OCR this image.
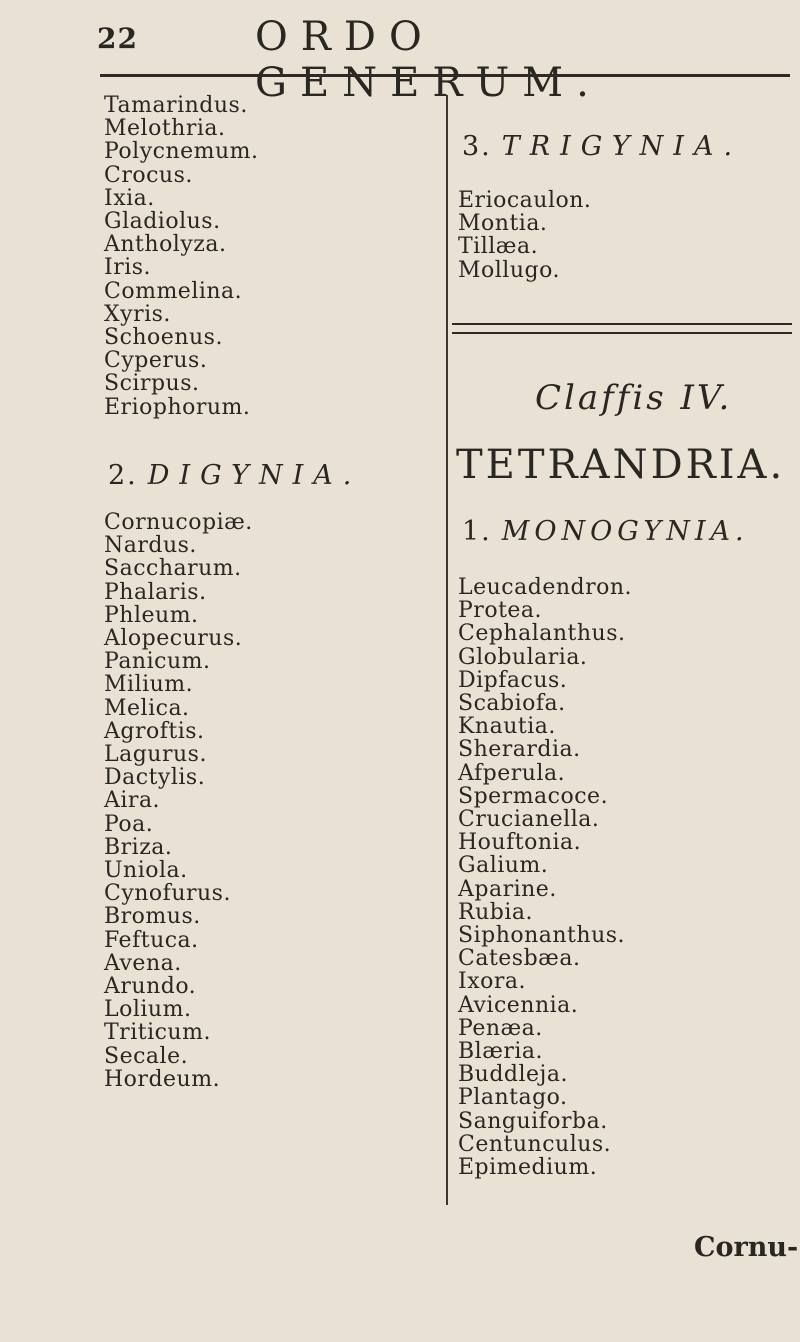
22	ORDO GENERUM.
Tamarindus.
Melothria.
Polycnemum.
Crocus.
Ixia.
Gladiolus.
Antholyza.
Iris.
Commelina.
Xyris.
Schoenus.
Cyperus.
Scirpus.
Eriophorum.
2. DIGYNIA.
Cornucopiæ.
Nardus.
Saccharum.
Phalaris.
Phleum.
Alopecurus.
Panicum.
Milium.
Melica.
Agroftis.
Lagurus.
Dactylis.
Aira.
Poa.
Briza.
Uniola.
Cynofurus.
Bromus.
Feftuca.
Avena.
Arundo.
Lolium.
Triticum.
Secale.
Hordeum.
3. TRIGYNIA.
Eriocaulon.
Montia.
Tillæa.
Mollugo.
Claffis IV.
TETRANDRIA.
1. MONOGYNIA.
Leucadendron.
Protea.
Cephalanthus.
Globularia.
Dipfacus.
Scabiofa.
Knautia.
Sherardia.
Afperula.
Spermacoce.
Crucianella.
Houftonia.
Galium.
Aparine.
Rubia.
Siphonanthus.
Catesbæa.
Ixora.
Avicennia.
Penæa.
Blæria.
Buddleja.
Plantago.
Sanguiforba.
Centunculus.
Epimedium.
Cornu-
